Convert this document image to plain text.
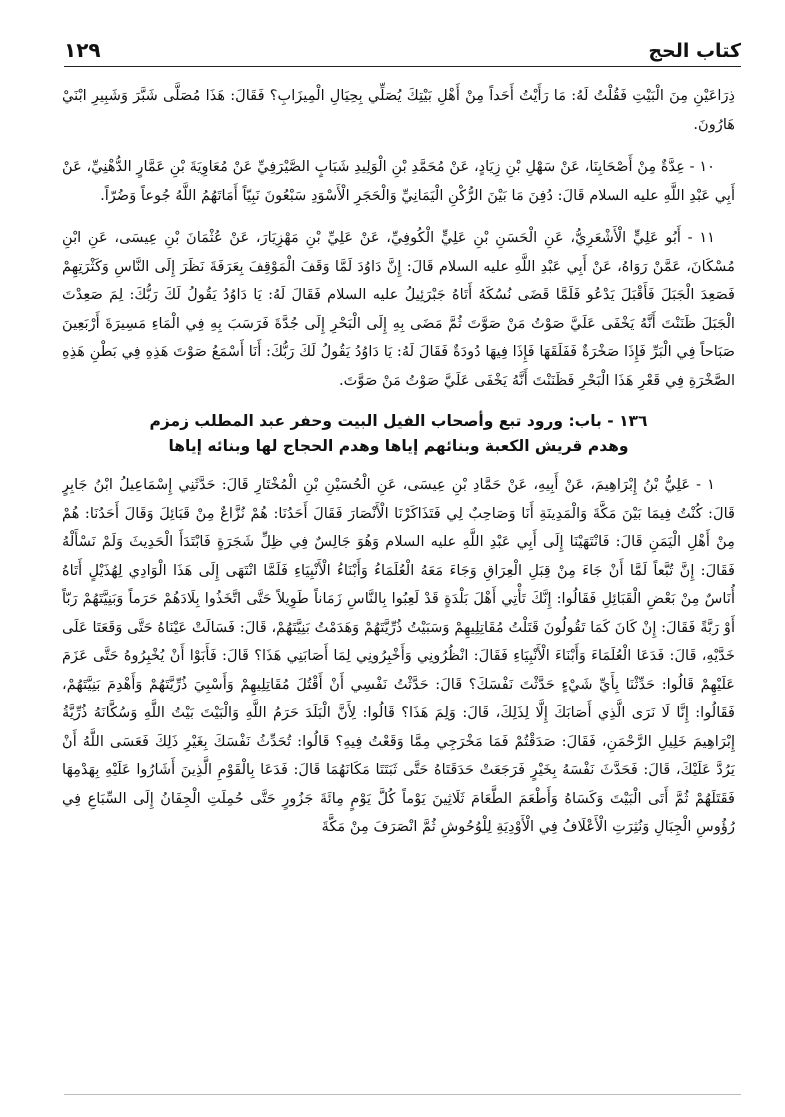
كتاب الحج
١٢٩

ذِرَاعَيْنِ مِنَ الْبَيْتِ فَقُلْتُ لَهُ: مَا رَأَيْتُ أَحَداً مِنْ أَهْلِ بَيْتِكَ يُصَلِّي بِحِيَالِ الْمِيزَابِ؟ فَقَالَ: هَذَا مُصَلَّى شَبَّرَ وَشَبِيرِ ابْنَيْ هَارُونَ.

١٠ - عِدَّةٌ مِنْ أَصْحَابِنَا، عَنْ سَهْلِ بْنِ زِيَادٍ، عَنْ مُحَمَّدِ بْنِ الْوَلِيدِ شَبَابٍ الصَّيْرَفِيِّ عَنْ مُعَاوِيَةَ بْنِ عَمَّارٍ الدُّهْنِيِّ، عَنْ أَبِي عَبْدِ اللَّهِ عليه السلام قَالَ: دُفِنَ مَا بَيْنَ الرُّكْنِ الْيَمَانِيِّ وَالْحَجَرِ الْأَسْوَدِ سَبْعُونَ نَبِيّاً أَمَاتَهُمُ اللَّهُ جُوعاً وَضُرّاً.

١١ - أَبُو عَلِيٍّ الْأَشْعَرِيُّ، عَنِ الْحَسَنِ بْنِ عَلِيٍّ الْكُوفِيِّ، عَنْ عَلِيِّ بْنِ مَهْزِيَارَ، عَنْ عُثْمَانَ بْنِ عِيسَى، عَنِ ابْنِ مُسْكَانَ، عَمَّنْ رَوَاهُ، عَنْ أَبِي عَبْدِ اللَّهِ عليه السلام قَالَ: إِنَّ دَاوُدَ لَمَّا وَقَفَ الْمَوْقِفَ بِعَرَفَةَ نَظَرَ إِلَى النَّاسِ وَكَثْرَتِهِمْ فَصَعِدَ الْجَبَلَ فَأَقْبَلَ يَدْعُو فَلَمَّا قَضَى نُسُكَهُ أَتَاهُ جَبْرَئِيلُ عليه السلام فَقَالَ لَهُ: يَا دَاوُدُ يَقُولُ لَكَ رَبُّكَ: لِمَ صَعِدْتَ الْجَبَلَ ظَنَنْتَ أَنَّهُ يَخْفَى عَلَيَّ صَوْتُ مَنْ صَوَّتَ ثُمَّ مَضَى بِهِ إِلَى الْبَحْرِ إِلَى جُدَّةَ فَرَسَبَ بِهِ فِي الْمَاءِ مَسِيرَةَ أَرْبَعِينَ صَبَاحاً فِي الْبَرِّ فَإِذَا صَخْرَةٌ فَفَلَقَهَا فَإِذَا فِيهَا دُودَةٌ فَقَالَ لَهُ: يَا دَاوُدُ يَقُولُ لَكَ رَبُّكَ: أَنَا أَسْمَعُ صَوْتَ هَذِهِ فِي بَطْنِ هَذِهِ الصَّخْرَةِ فِي قَعْرِ هَذَا الْبَحْرِ فَظَنَنْتَ أَنَّهُ يَخْفَى عَلَيَّ صَوْتُ مَنْ صَوَّتَ.

١٣٦ - باب: ورود تبع وأصحاب الفيل البيت وحفر عبد المطلب زمزم
وهدم قريش الكعبة وبنائهم إياها وهدم الحجاج لها وبنائه إياها

١ - عَلِيُّ بْنُ إِبْرَاهِيمَ، عَنْ أَبِيهِ، عَنْ حَمَّادِ بْنِ عِيسَى، عَنِ الْحُسَيْنِ بْنِ الْمُخْتَارِ قَالَ: حَدَّثَنِي إِسْمَاعِيلُ ابْنُ جَابِرٍ قَالَ: كُنْتُ فِيمَا بَيْنَ مَكَّةَ وَالْمَدِينَةِ أَنَا وَصَاحِبٌ لِي فَتَذَاكَرْنَا الْأَنْصَارَ فَقَالَ أَحَدُنَا: هُمْ نُزَّاعٌ مِنْ قَبَائِلَ وَقَالَ أَحَدُنَا: هُمْ مِنْ أَهْلِ الْيَمَنِ قَالَ: فَانْتَهَيْنَا إِلَى أَبِي عَبْدِ اللَّهِ عليه السلام وَهُوَ جَالِسٌ فِي ظِلِّ شَجَرَةٍ فَابْتَدَأَ الْحَدِيثَ وَلَمْ نَسْأَلْهُ فَقَالَ: إِنَّ تُبَّعاً لَمَّا أَنْ جَاءَ مِنْ قِبَلِ الْعِرَاقِ وَجَاءَ مَعَهُ الْعُلَمَاءُ وَأَبْنَاءُ الْأَنْبِيَاءِ فَلَمَّا انْتَهَى إِلَى هَذَا الْوَادِي لِهُذَيْلٍ أَتَاهُ أُنَاسٌ مِنْ بَعْضِ الْقَبَائِلِ فَقَالُوا: إِنَّكَ تَأْتِي أَهْلَ بَلْدَةٍ قَدْ لَعِبُوا بِالنَّاسِ زَمَاناً طَوِيلاً حَتَّى اتَّخَذُوا بِلَادَهُمْ حَرَماً وَبَنِيَّتَهُمْ رَبّاً أَوْ رَبَّةً فَقَالَ: إِنْ كَانَ كَمَا تَقُولُونَ قَتَلْتُ مُقَاتِلِيهِمْ وَسَبَيْتُ ذُرِّيَّتَهُمْ وَهَدَمْتُ بَنِيَّتَهُمْ، قَالَ: فَسَالَتْ عَيْنَاهُ حَتَّى وَقَعَتَا عَلَى خَدَّيْهِ، قَالَ: فَدَعَا الْعُلَمَاءَ وَأَبْنَاءَ الْأَنْبِيَاءِ فَقَالَ: انْظُرُونِي وَأَخْبِرُونِي لِمَا أَصَابَنِي هَذَا؟ قَالَ: فَأَبَوْا أَنْ يُخْبِرُوهُ حَتَّى عَزَمَ عَلَيْهِمْ قَالُوا: حَدِّثْنَا بِأَيِّ شَيْءٍ حَدَّثْتَ نَفْسَكَ؟ قَالَ: حَدَّثْتُ نَفْسِي أَنْ أَقْتُلَ مُقَاتِلِيهِمْ وَأَسْبِيَ ذُرِّيَّتَهُمْ وَأَهْدِمَ بَنِيَّتَهُمْ، فَقَالُوا: إِنَّا لَا نَرَى الَّذِي أَصَابَكَ إِلَّا لِذَلِكَ، قَالَ: وَلِمَ هَذَا؟ قَالُوا: لِأَنَّ الْبَلَدَ حَرَمُ اللَّهِ وَالْبَيْتَ بَيْتُ اللَّهِ وَسُكَّانَهُ ذُرِّيَّةُ إِبْرَاهِيمَ خَلِيلِ الرَّحْمَنِ، فَقَالَ: صَدَقْتُمْ فَمَا مَخْرَجِي مِمَّا وَقَعْتُ فِيهِ؟ قَالُوا: تُحَدِّثُ نَفْسَكَ بِغَيْرِ ذَلِكَ فَعَسَى اللَّهُ أَنْ يَرُدَّ عَلَيْكَ، قَالَ: فَحَدَّثَ نَفْسَهُ بِخَيْرٍ فَرَجَعَتْ حَدَقَتَاهُ حَتَّى ثَبَتَتَا مَكَانَهُمَا قَالَ: فَدَعَا بِالْقَوْمِ الَّذِينَ أَشَارُوا عَلَيْهِ بِهَدْمِهَا فَقَتَلَهُمْ ثُمَّ أَتَى الْبَيْتَ وَكَسَاهُ وَأَطْعَمَ الطَّعَامَ ثَلَاثِينَ يَوْماً كُلَّ يَوْمٍ مِائَةَ جَزُورٍ حَتَّى حُمِلَتِ الْجِفَانُ إِلَى السِّبَاعِ فِي رُؤُوسِ الْجِبَالِ وَنُثِرَتِ الْأَعْلَافُ فِي الْأَوْدِيَةِ لِلْوُحُوشِ ثُمَّ انْصَرَفَ مِنْ مَكَّةَ
